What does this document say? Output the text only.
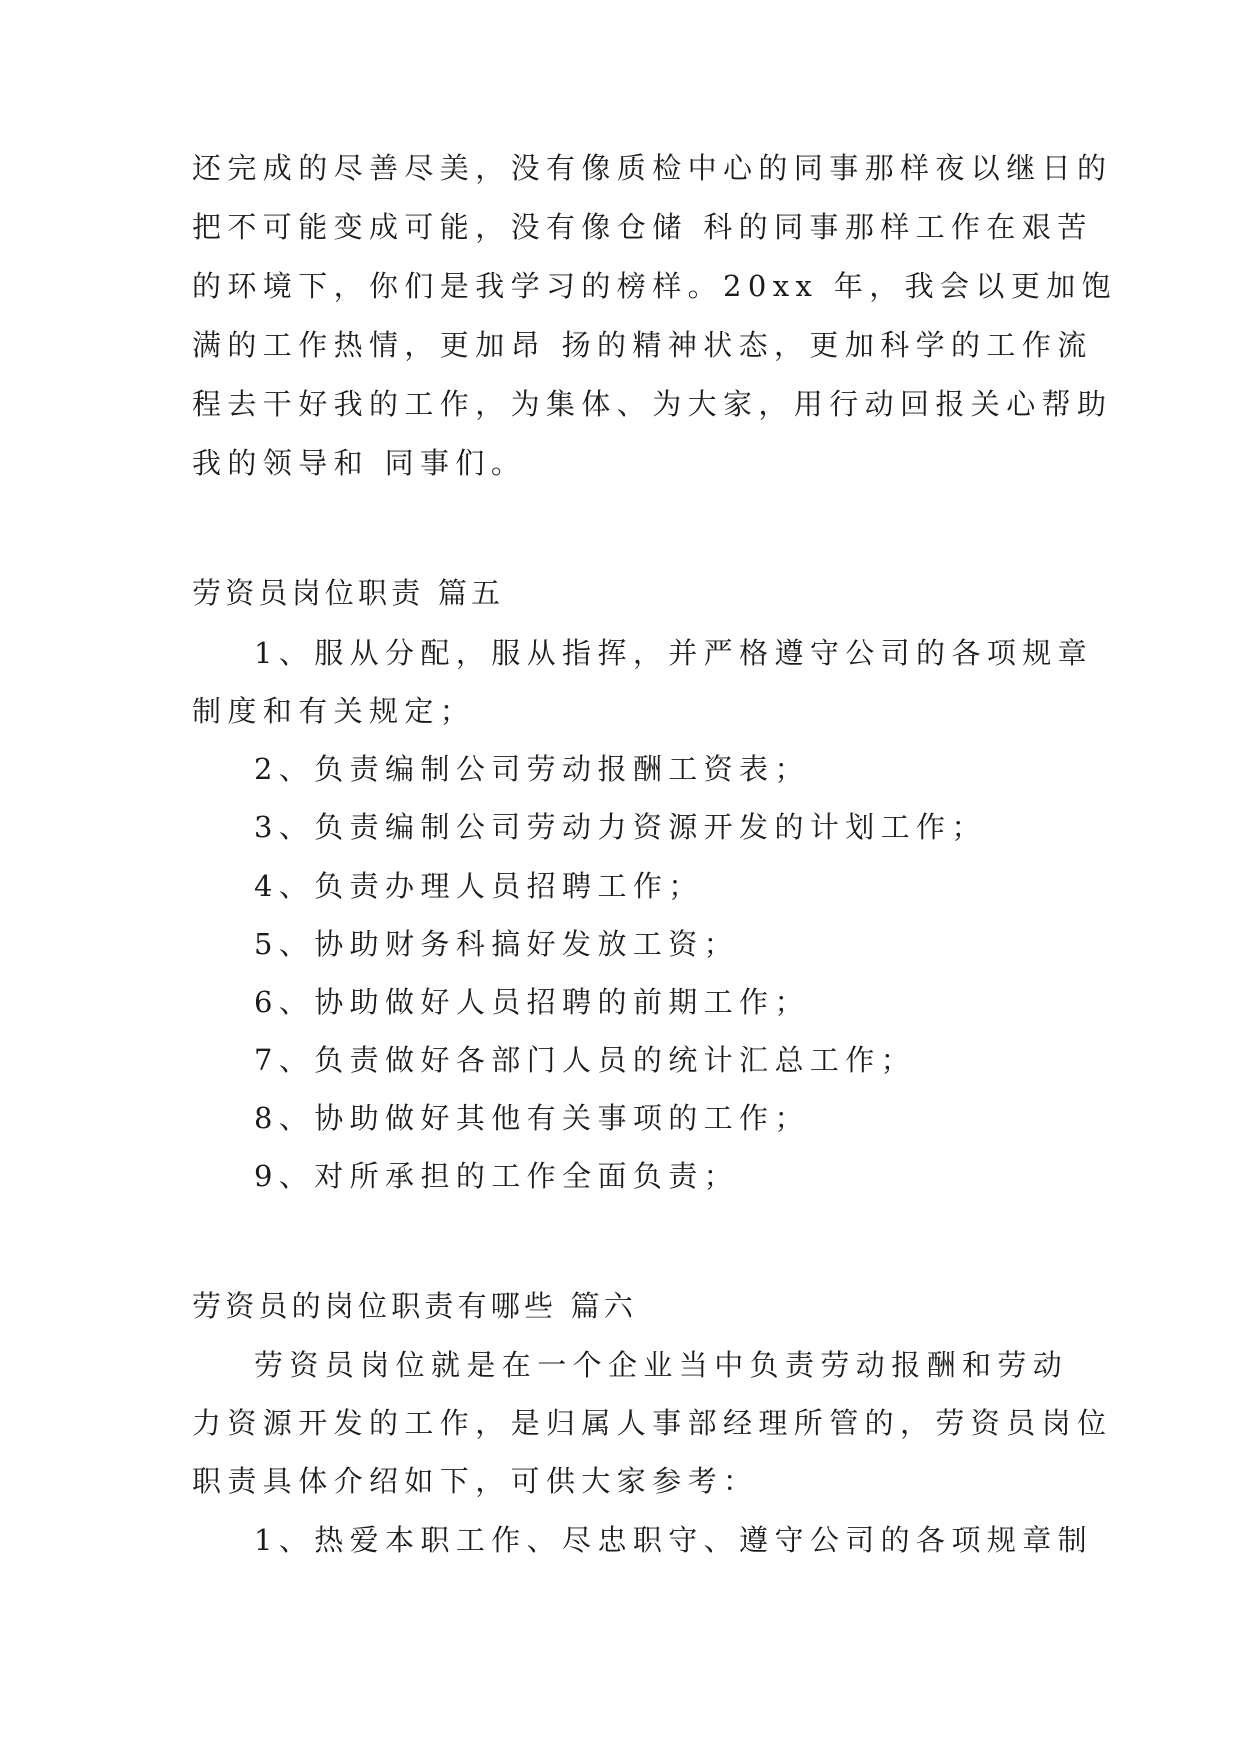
还完成的尽善尽美，没有像质检中心的同事那样夜以继日的
把不可能变成可能，没有像仓储 科的同事那样工作在艰苦
的环境下，你们是我学习的榜样。20xx 年，我会以更加饱
满的工作热情，更加昂 扬的精神状态，更加科学的工作流
程去干好我的工作，为集体、为大家，用行动回报关心帮助
我的领导和 同事们。
劳资员岗位职责 篇五
1、服从分配，服从指挥，并严格遵守公司的各项规章
制度和有关规定；
2、负责编制公司劳动报酬工资表；
3、负责编制公司劳动力资源开发的计划工作；
4、负责办理人员招聘工作；
5、协助财务科搞好发放工资；
6、协助做好人员招聘的前期工作；
7、负责做好各部门人员的统计汇总工作；
8、协助做好其他有关事项的工作；
9、对所承担的工作全面负责；
劳资员的岗位职责有哪些 篇六
劳资员岗位就是在一个企业当中负责劳动报酬和劳动
力资源开发的工作，是归属人事部经理所管的，劳资员岗位
职责具体介绍如下，可供大家参考：
1、热爱本职工作、尽忠职守、遵守公司的各项规章制
